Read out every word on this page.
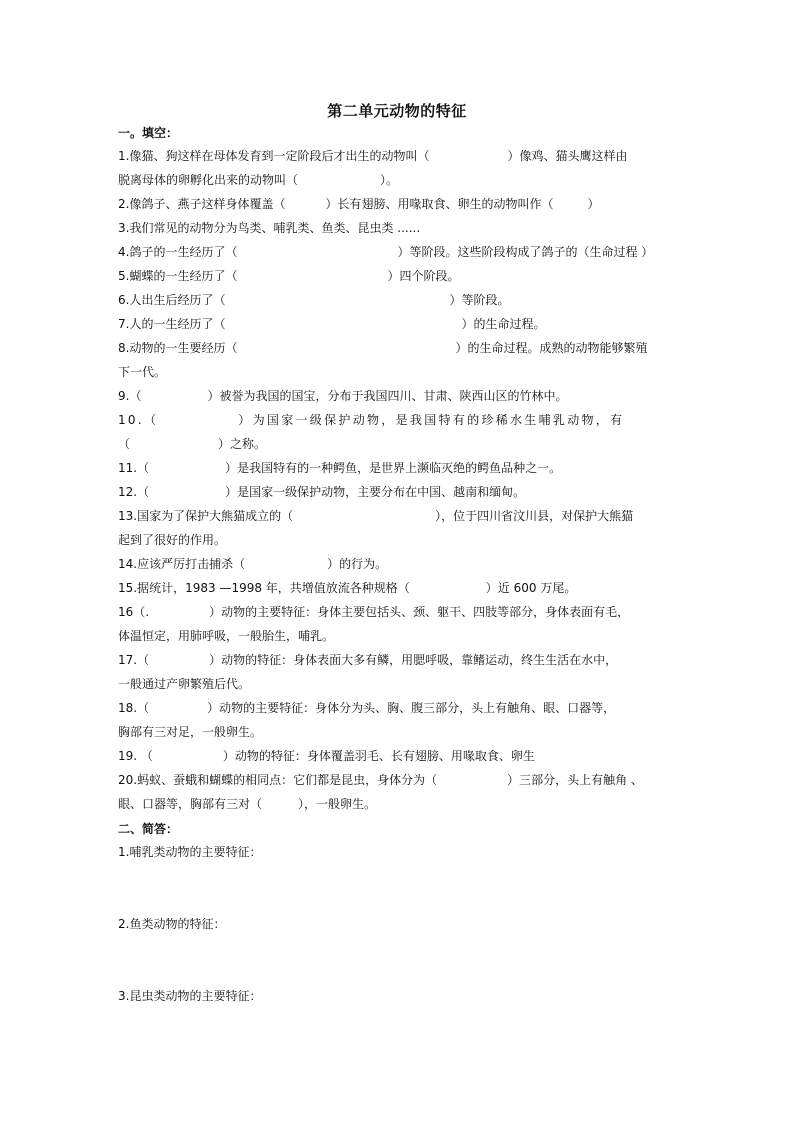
第二单元动物的特征
一。填空：
1.像猫、狗这样在母体发育到一定阶段后才出生的动物叫（	）像鸡、猫头鹰这样由
脱离母体的卵孵化出来的动物叫（	）。
2.像鸽子、燕子这样身体覆盖（	）长有翅膀、用喙取食、卵生的动物叫作（	）
3.我们常见的动物分为鸟类、哺乳类、鱼类、昆虫类 ......
4.鸽子的一生经历了（	）等阶段。这些阶段构成了鸽子的（生命过程 ）
5.蝴蝶的一生经历了（	）四个阶段。
6.人出生后经历了（	）等阶段。
7.人的一生经历了（	）的生命过程。
8.动物的一生要经历（	）的生命过程。成熟的动物能够繁殖
下一代。
9.（	）被誉为我国的国宝，分布于我国四川、甘肃、陕西山区的竹林中。
10.（	）为国家一级保护动物，是我国特有的珍稀水生哺乳动物，有
（	）之称。
11.（	）是我国特有的一种鳄鱼，是世界上濒临灭绝的鳄鱼品种之一。
12.（	）是国家一级保护动物，主要分布在中国、越南和缅甸。
13.国家为了保护大熊猫成立的（	），位于四川省汶川县，对保护大熊猫
起到了很好的作用。
14.应该严厉打击捕杀（	）的行为。
15.据统计，1983 —1998 年，共增值放流各种规格（	）近 600 万尾。
16（.	）动物的主要特征：身体主要包括头、颈、躯干、四肢等部分，身体表面有毛，
体温恒定，用肺呼吸，一般胎生，哺乳。
17.（	）动物的特征：身体表面大多有鳞，用腮呼吸，靠鳍运动，终生生活在水中，
一般通过产卵繁殖后代。
18.（	）动物的主要特征：身体分为头、胸、腹三部分，头上有触角、眼、口器等，
胸部有三对足，一般卵生。
19. （	）动物的特征：身体覆盖羽毛、长有翅膀、用喙取食、卵生
20.蚂蚁、蚕蛾和蝴蝶的相同点：它们都是昆虫，身体分为（	）三部分，头上有触角 、
眼、口器等，胸部有三对（	），一般卵生。
二、简答：
1.哺乳类动物的主要特征：
2.鱼类动物的特征：
3.昆虫类动物的主要特征：
